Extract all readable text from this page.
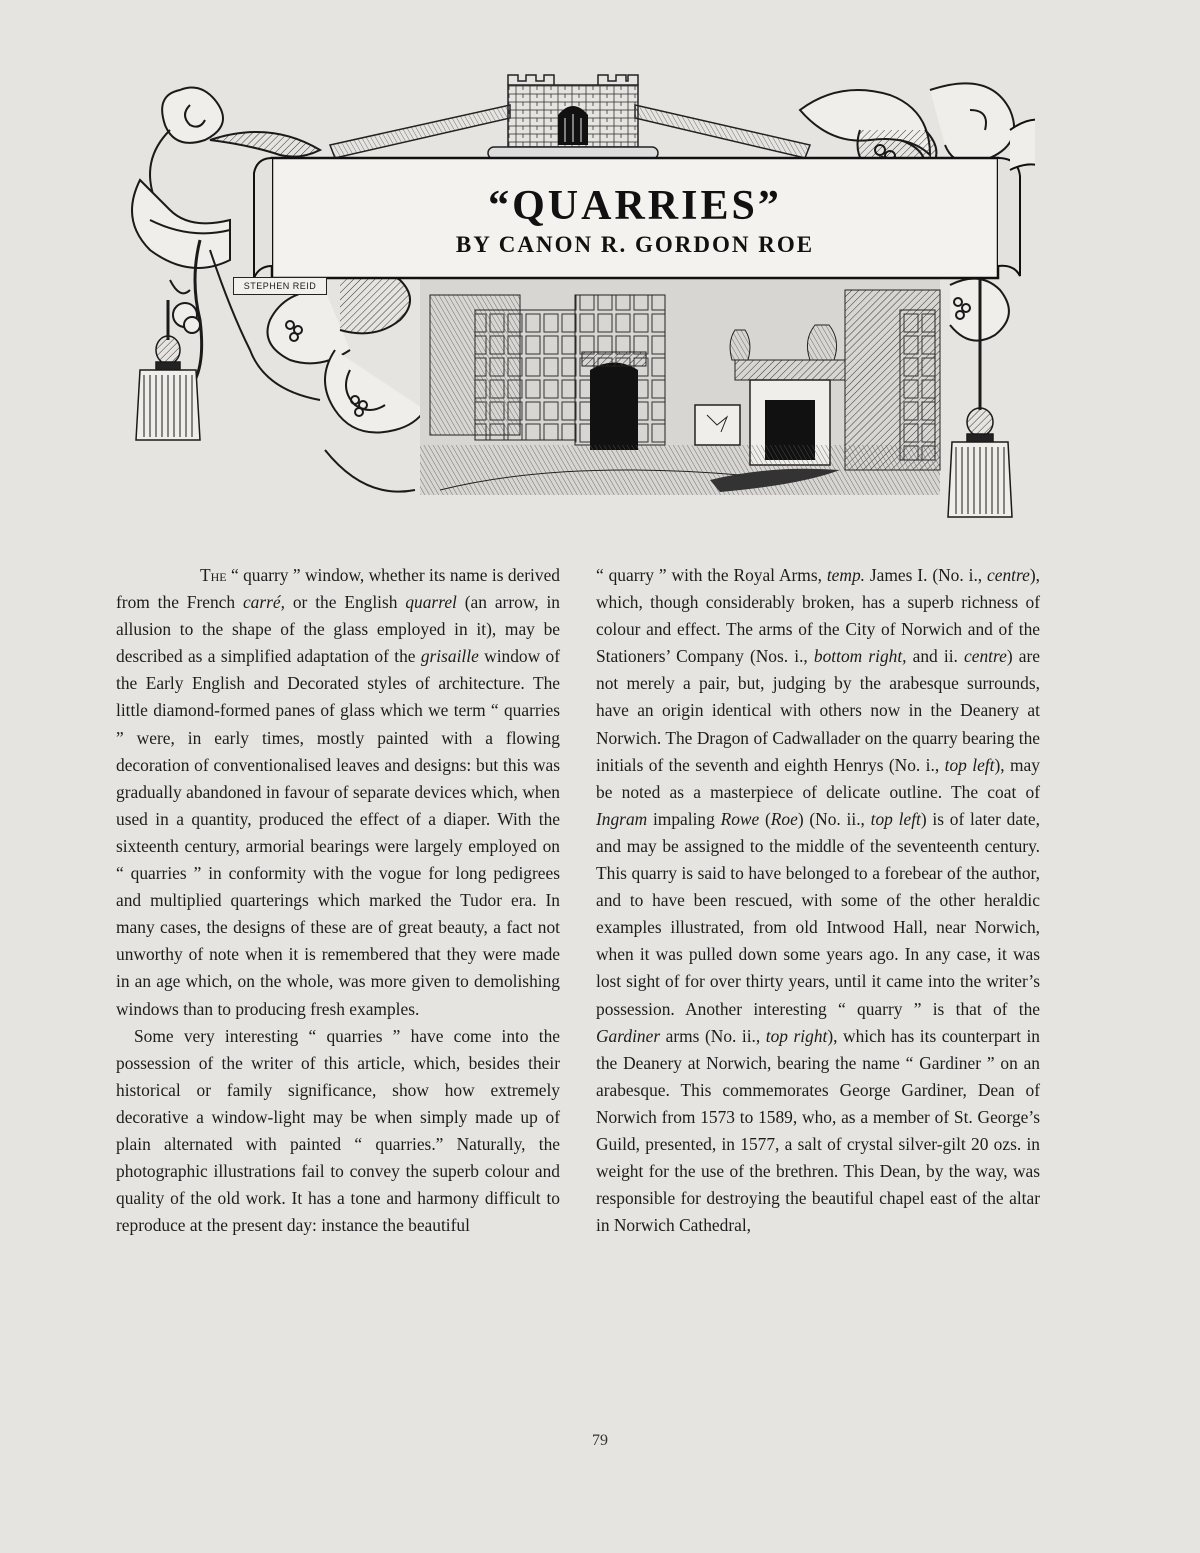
“QUARRIES”

BY CANON R. GORDON ROE

STEPHEN REID

The “ quarry ” window, whether its name is derived from the French carré, or the English quarrel (an arrow, in allusion to the shape of the glass employed in it), may be described as a simplified adaptation of the grisaille window of the Early English and Decorated styles of architecture. The little diamond-formed panes of glass which we term “ quarries ” were, in early times, mostly painted with a flowing decoration of conventionalised leaves and designs: but this was gradually abandoned in favour of separate devices which, when used in a quantity, produced the effect of a diaper. With the sixteenth century, armorial bearings were largely employed on “ quarries ” in conformity with the vogue for long pedigrees and multiplied quarterings which marked the Tudor era. In many cases, the designs of these are of great beauty, a fact not unworthy of note when it is remembered that they were made in an age which, on the whole, was more given to demolishing windows than to producing fresh examples.

Some very interesting “ quarries ” have come into the possession of the writer of this article, which, besides their historical or family significance, show how extremely decorative a window-light may be when simply made up of plain alternated with painted “ quarries.” Naturally, the photographic illustrations fail to convey the superb colour and quality of the old work. It has a tone and harmony difficult to reproduce at the present day: instance the beautiful

“ quarry ” with the Royal Arms, temp. James I. (No. i., centre), which, though considerably broken, has a superb richness of colour and effect. The arms of the City of Norwich and of the Stationers’ Company (Nos. i., bottom right, and ii. centre) are not merely a pair, but, judging by the arabesque surrounds, have an origin identical with others now in the Deanery at Norwich. The Dragon of Cadwallader on the quarry bearing the initials of the seventh and eighth Henrys (No. i., top left), may be noted as a masterpiece of delicate outline. The coat of Ingram impaling Rowe (Roe) (No. ii., top left) is of later date, and may be assigned to the middle of the seventeenth century. This quarry is said to have belonged to a forebear of the author, and to have been rescued, with some of the other heraldic examples illustrated, from old Intwood Hall, near Norwich, when it was pulled down some years ago. In any case, it was lost sight of for over thirty years, until it came into the writer’s possession. Another interesting “ quarry ” is that of the Gardiner arms (No. ii., top right), which has its counterpart in the Deanery at Norwich, bearing the name “ Gardiner ” on an arabesque. This commemorates George Gardiner, Dean of Norwich from 1573 to 1589, who, as a member of St. George’s Guild, presented, in 1577, a salt of crystal silver-gilt 20 ozs. in weight for the use of the brethren. This Dean, by the way, was responsible for destroying the beautiful chapel east of the altar in Norwich Cathedral,

79
